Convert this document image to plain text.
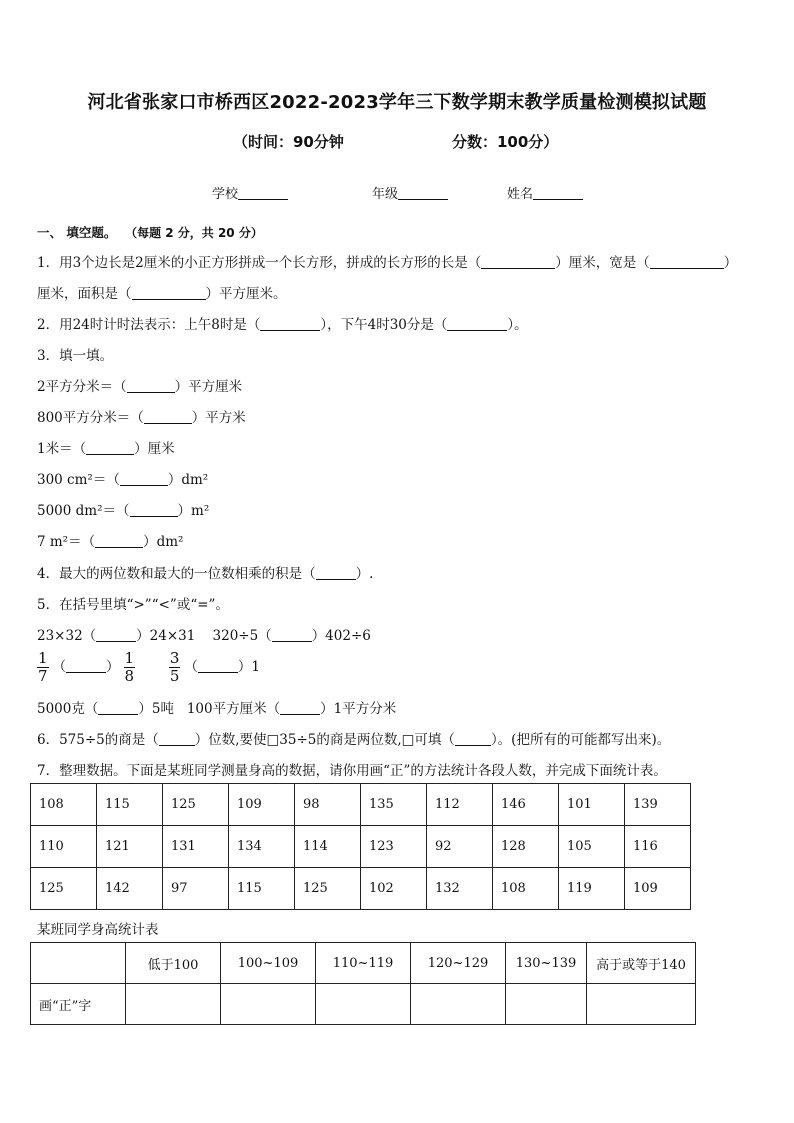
河北省张家口市桥西区2022-2023学年三下数学期末教学质量检测模拟试题
（时间：90分钟	分数：100分）
学校	年级	姓名
一、 填空题。 （每题 2 分，共 20 分）
1．用3个边长是2厘米的小正方形拼成一个长方形，拼成的长方形的长是（	）厘米，宽是（	）
厘米，面积是（	）平方厘米。
2．用24时计时法表示：上午8时是（	），下午4时30分是（	）。
3．填一填。
2平方分米＝（	）平方厘米
800平方分米＝（	）平方米
1米＝（	）厘米
300 cm²＝（	）dm²
5000 dm²＝（	）m²
7 m²＝（	）dm²
4．最大的两位数和最大的一位数相乘的积是（	）.
5．在括号里填“>”“<”或“=”。
23×32（	）24×31 320÷5（	）402÷6
$\frac{1}{7}$ （	） $\frac{1}{8}$
$\frac{3}{5}$ （	）1
5000克（	）5吨 100平方厘米（	）1平方分米
6．575÷5的商是（	）位数,要使□35÷5的商是两位数,□可填（	）。(把所有的可能都写出来)。
7．整理数据。下面是某班同学测量身高的数据，请你用画“正”的方法统计各段人数，并完成下面统计表。
108	115	125	109	98	135	112	146	101	139
110	121	131	134	114	123	92	128	105	116
125	142	97	115	125	102	132	108	119	109
某班同学身高统计表
	低于100	100~109	110~119	120~129	130~139	高于或等于140
画“正”字						
